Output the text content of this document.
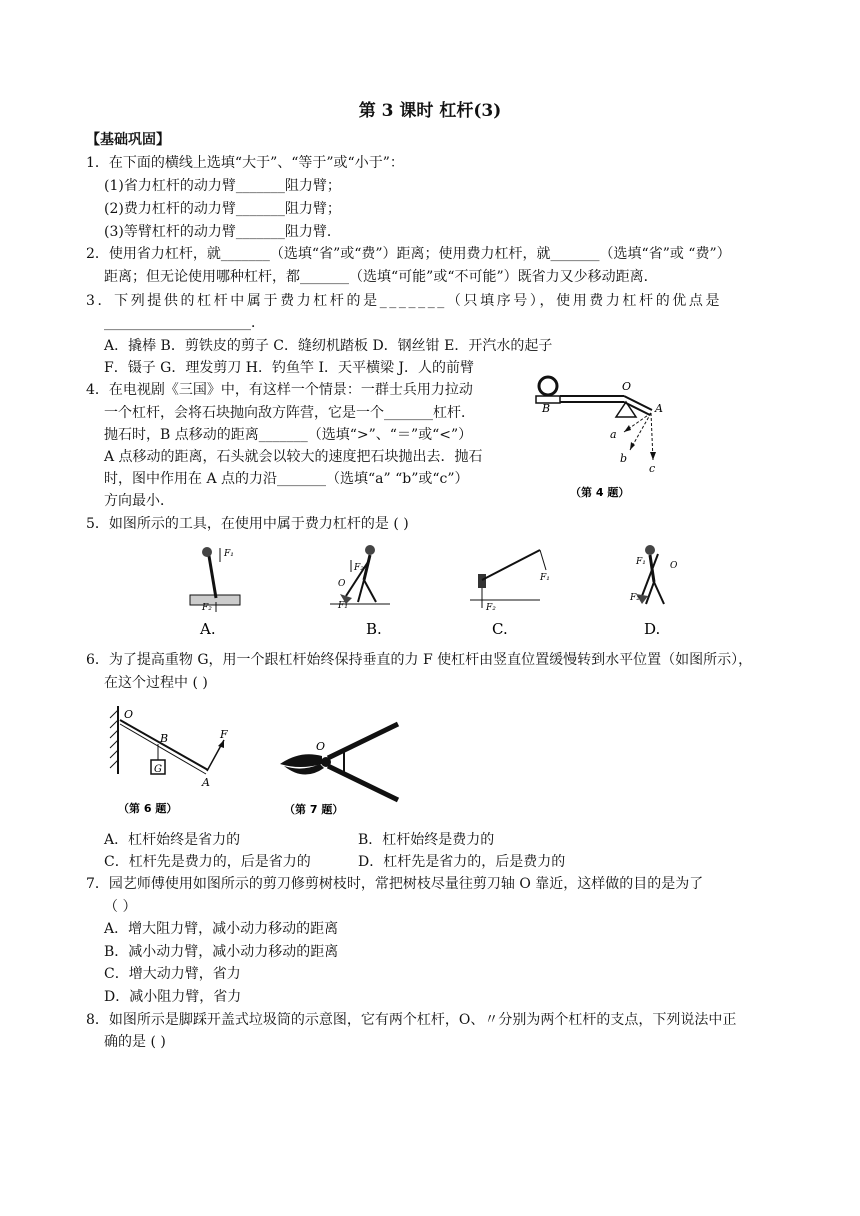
第 3 课时 杠杆(3)
【基础巩固】
1．在下面的横线上选填“大于”、“等于”或“小于”：
(1)省力杠杆的动力臂_______阻力臂；
(2)费力杠杆的动力臂_______阻力臂；
(3)等臂杠杆的动力臂_______阻力臂．
2．使用省力杠杆，就_______（选填“省”或“费”）距离；使用费力杠杆，就_______（选填“省”或 “费”）
距离；但无论使用哪种杠杆，都_______（选填“可能”或“不可能”）既省力又少移动距离．
3．下列提供的杠杆中属于费力杠杆的是_______（只填序号），使用费力杠杆的优点是
_____________________．
A．撬棒 B．剪铁皮的剪子 C．缝纫机踏板 D．钢丝钳 E．开汽水的起子
F．镊子 G．理发剪刀 H．钓鱼竿 I．天平横梁 J．人的前臂
4．在电视剧《三国》中，有这样一个情景：一群士兵用力拉动
一个杠杆，会将石块抛向敌方阵营，它是一个_______杠杆．
抛石时，B 点移动的距离_______（选填“>”、“＝”或“<”）
A 点移动的距离，石头就会以较大的速度把石块抛出去．抛石
时，图中作用在 A 点的力沿_______（选填“a” “b”或“c”）
方向最小．
B
O
A
a
b
c
（第 4 题）
5．如图所示的工具，在使用中属于费力杠杆的是 ( )
F₁
F₂
A.
F₂
O
F₁
B.
F₁
F₂
C.
F₁	O
F₂
D.
6．为了提高重物 G，用一个跟杠杆始终保持垂直的力 F 使杠杆由竖直位置缓慢转到水平位置（如图所示），
在这个过程中 ( )
O
B
G
F
A
（第 6 题）
O
（第 7 题）
A．杠杆始终是省力的	B．杠杆始终是费力的
C．杠杆先是费力的，后是省力的	D．杠杆先是省力的，后是费力的
7．园艺师傅使用如图所示的剪刀修剪树枝时，常把树枝尽量往剪刀轴 O 靠近，这样做的目的是为了
（ ）
A．增大阻力臂，减小动力移动的距离
B．减小动力臂，减小动力移动的距离
C．增大动力臂，省力
D．减小阻力臂，省力
8．如图所示是脚踩开盖式垃圾筒的示意图，它有两个杠杆，O、〃分别为两个杠杆的支点，下列说法中正
确的是 ( )
